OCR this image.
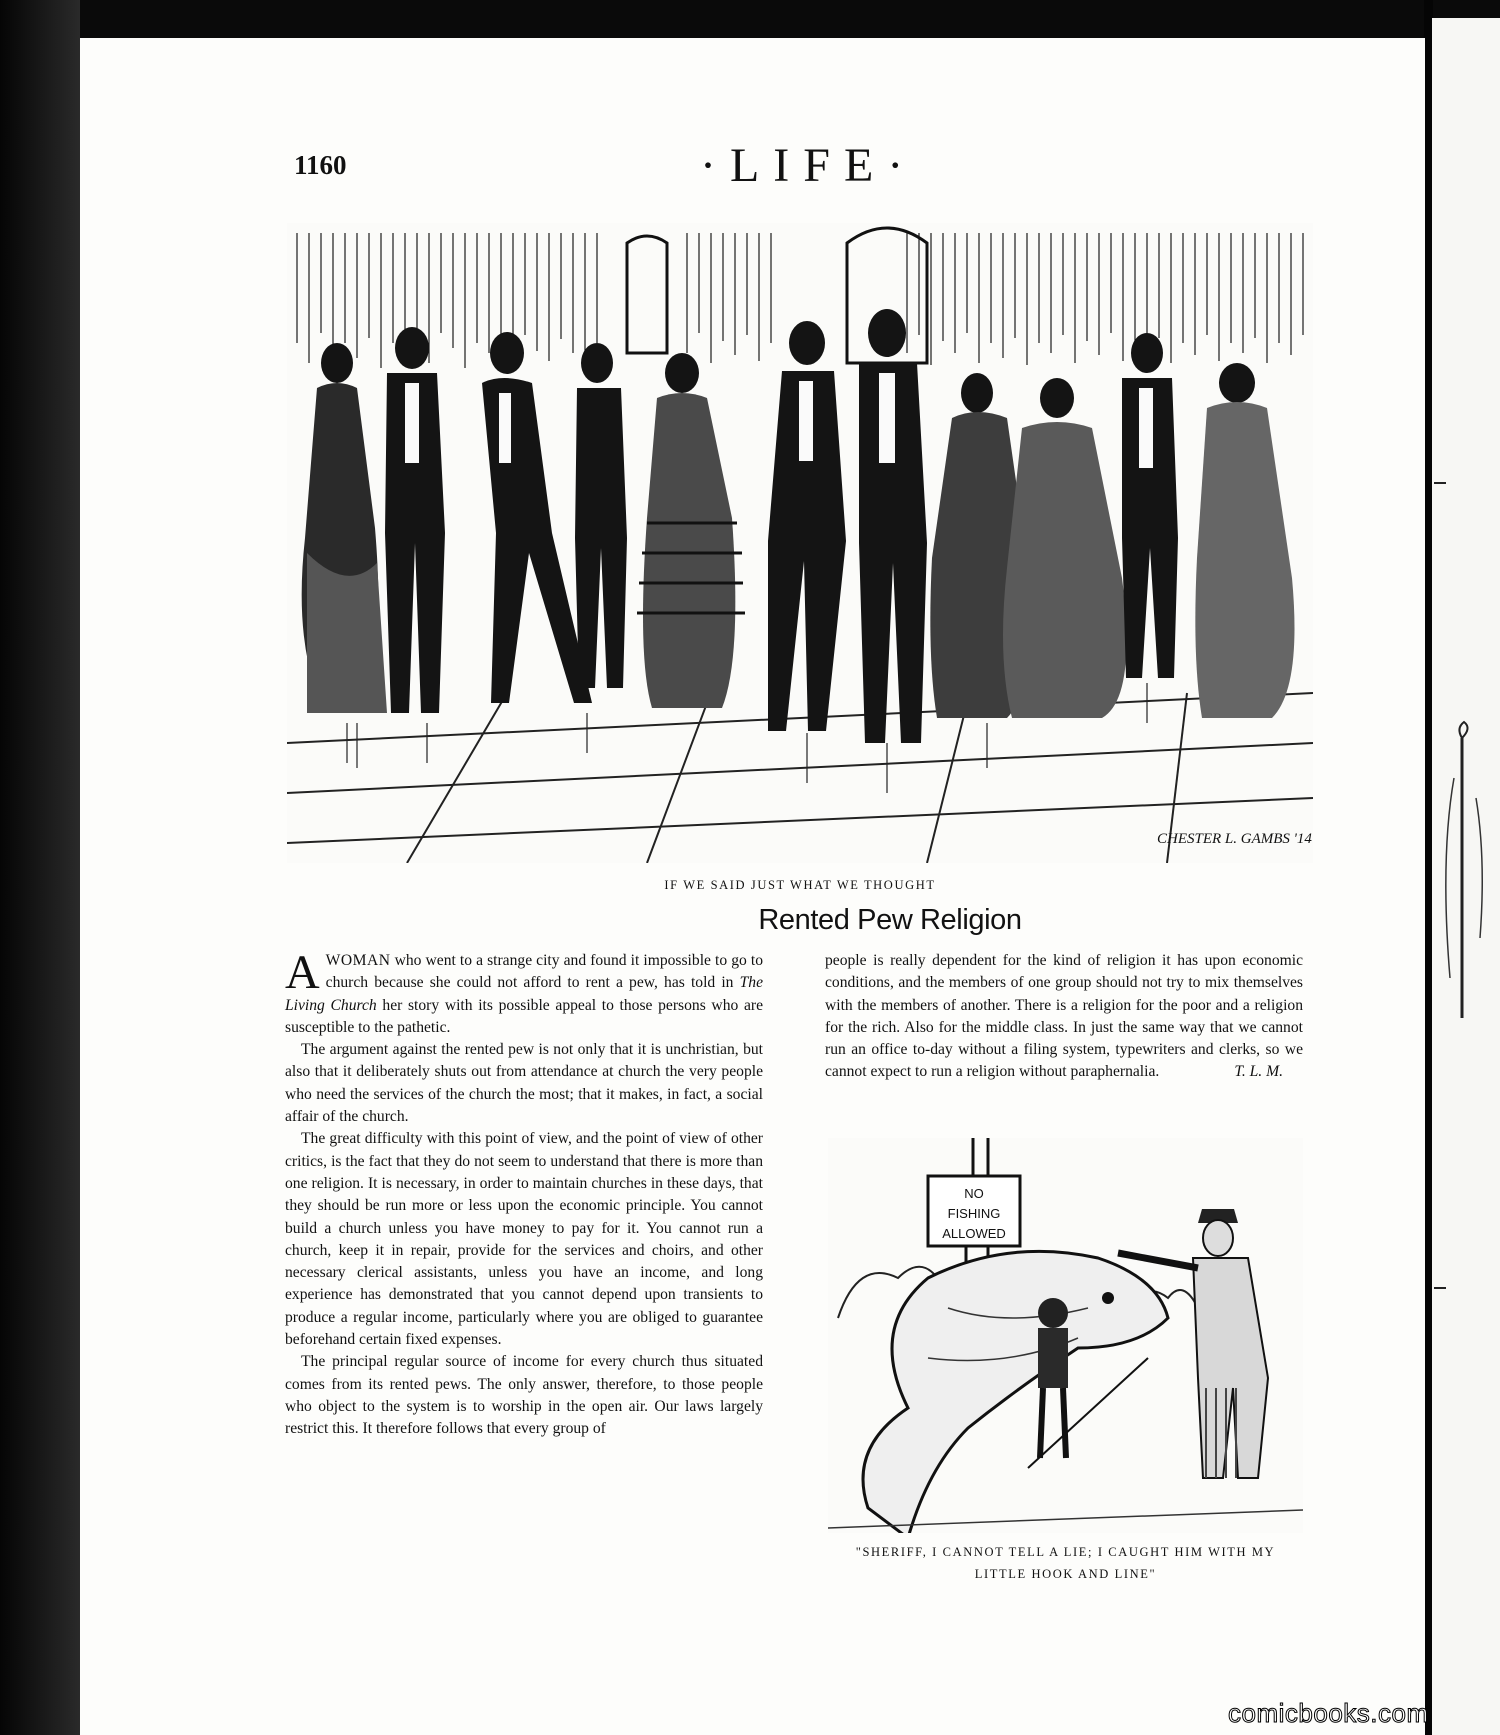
1160	·LIFE·
CHESTER L. GAMBS '14
IF WE SAID JUST WHAT WE THOUGHT
Rented Pew Religion

AWOMAN who went to a strange city and found it impossible to go to church because she could not afford to rent a pew, has told in The Living Church her story with its possible appeal to those persons who are susceptible to the pathetic.

The argument against the rented pew is not only that it is unchristian, but also that it deliberately shuts out from attendance at church the very people who need the services of the church the most; that it makes, in fact, a social affair of the church.

The great difficulty with this point of view, and the point of view of other critics, is the fact that they do not seem to understand that there is more than one religion. It is necessary, in order to maintain churches in these days, that they should be run more or less upon the economic principle. You cannot build a church unless you have money to pay for it. You cannot run a church, keep it in repair, provide for the services and choirs, and other necessary clerical assistants, unless you have an income, and long experience has demonstrated that you cannot depend upon transients to produce a regular income, particularly where you are obliged to guarantee beforehand certain fixed expenses.

The principal regular source of income for every church thus situated comes from its rented pews. The only answer, therefore, to those people who object to the system is to worship in the open air. Our laws largely restrict this. It therefore follows that every group of

people is really dependent for the kind of religion it has upon economic conditions, and the members of one group should not try to mix themselves with the members of another. There is a religion for the poor and a religion for the rich. Also for the middle class. In just the same way that we cannot run an office to-day without a filing system, typewriters and clerks, so we cannot expect to run a religion without paraphernalia.	T. L. M.

NO
FISHING
ALLOWED
"SHERIFF, I CANNOT TELL A LIE; I CAUGHT HIM WITH MY
LITTLE HOOK AND LINE"
comicbooks.com
